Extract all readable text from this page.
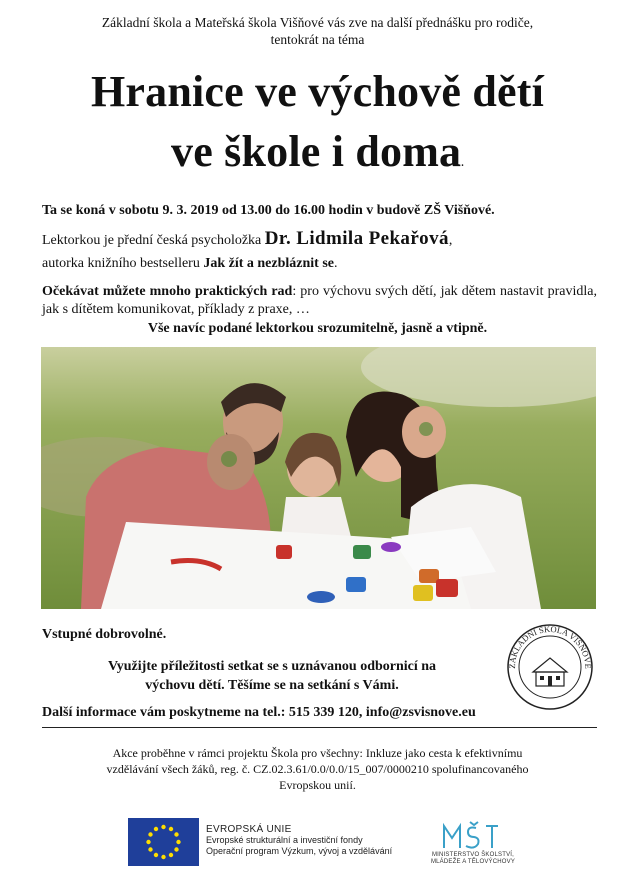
Základní škola a Mateřská škola Višňové vás zve na další přednášku pro rodiče,
tentokrát na téma
Hranice ve výchově dětí
ve škole i doma.
Ta se koná v sobotu 9. 3. 2019 od 13.00 do 16.00 hodin v budově ZŠ Višňové.
Lektorkou je přední česká psycholožka Dr. Lidmila Pekařová,
autorka knižního bestselleru Jak žít a nezbláznit se.
Očekávat můžete mnoho praktických rad: pro výchovu svých dětí, jak dětem nastavit pravidla, jak s dítětem komunikovat, příklady z praxe, …
Vše navíc podané lektorkou srozumitelně, jasně a vtipně.
Vstupné dobrovolné.
Využijte příležitosti setkat se s uznávanou odbornicí na
výchovu dětí. Těšíme se na setkání s Vámi.
Další informace vám poskytneme na tel.: 515 339 120, info@zsvisnove.eu
ZÁKLADNÍ ŠKOLA VIŠŇOVÉ
Akce proběhne v rámci projektu Škola pro všechny: Inkluze jako cesta k efektivnímu
vzdělávání všech žáků, reg. č. CZ.02.3.61/0.0/0.0/15_007/0000210 spolufinancovaného
Evropskou unií.
EVROPSKÁ UNIE
Evropské strukturální a investiční fondy
Operační program Výzkum, vývoj a vzdělávání	MINISTERSTVO ŠKOLSTVÍ,
MLÁDEŽE A TĚLOVÝCHOVY
